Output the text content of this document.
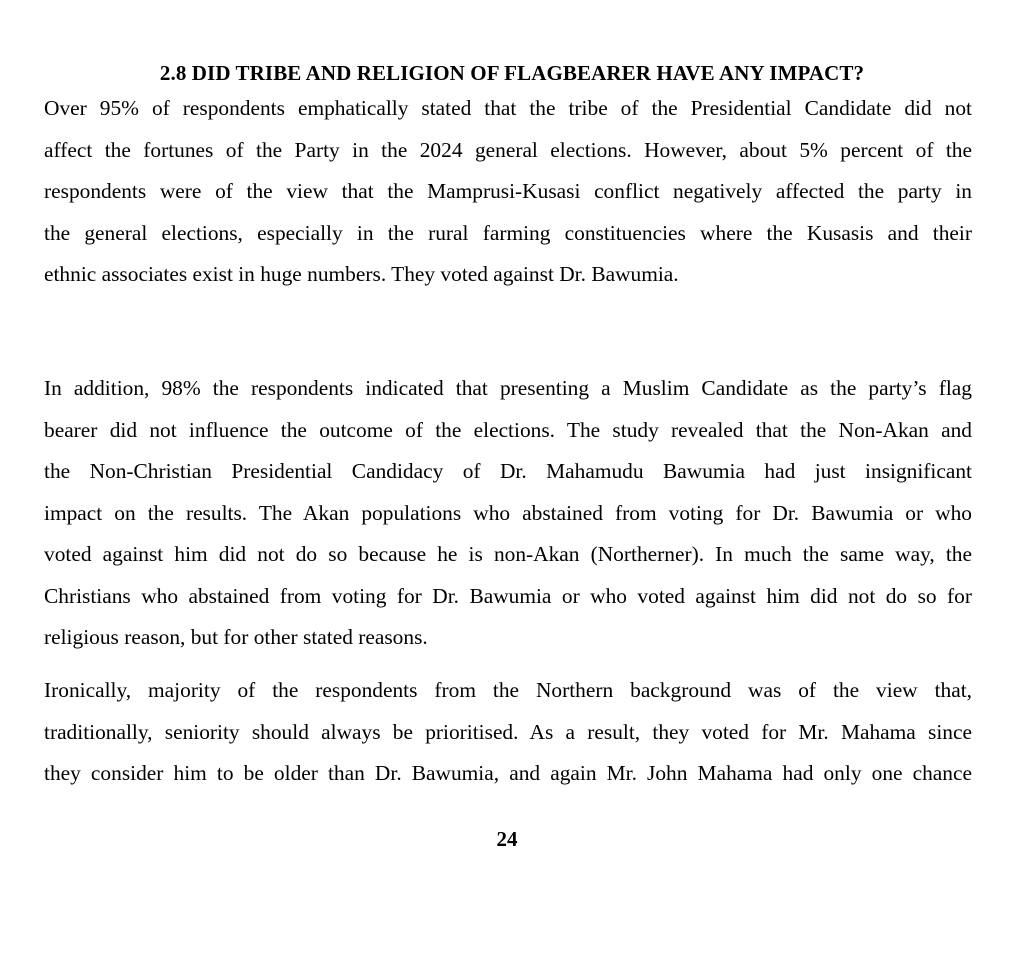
2.8 DID TRIBE AND RELIGION OF FLAGBEARER HAVE ANY IMPACT?
Over 95% of respondents emphatically stated that the tribe of the Presidential Candidate did not
affect the fortunes of the Party in the 2024 general elections. However, about 5% percent of the
respondents were of the view that the Mamprusi-Kusasi conflict negatively affected the party in
the general elections, especially in the rural farming constituencies where the Kusasis and their
ethnic associates exist in huge numbers. They voted against Dr. Bawumia.
In addition, 98% the respondents indicated that presenting a Muslim Candidate as the party’s flag
bearer did not influence the outcome of the elections. The study revealed that the Non-Akan and
the Non-Christian Presidential Candidacy of Dr. Mahamudu Bawumia had just insignificant
impact on the results. The Akan populations who abstained from voting for Dr. Bawumia or who
voted against him did not do so because he is non-Akan (Northerner). In much the same way, the
Christians who abstained from voting for Dr. Bawumia or who voted against him did not do so for
religious reason, but for other stated reasons.
Ironically, majority of the respondents from the Northern background was of the view that,
traditionally, seniority should always be prioritised. As a result, they voted for Mr. Mahama since
they consider him to be older than Dr. Bawumia, and again Mr. John Mahama had only one chance
24
